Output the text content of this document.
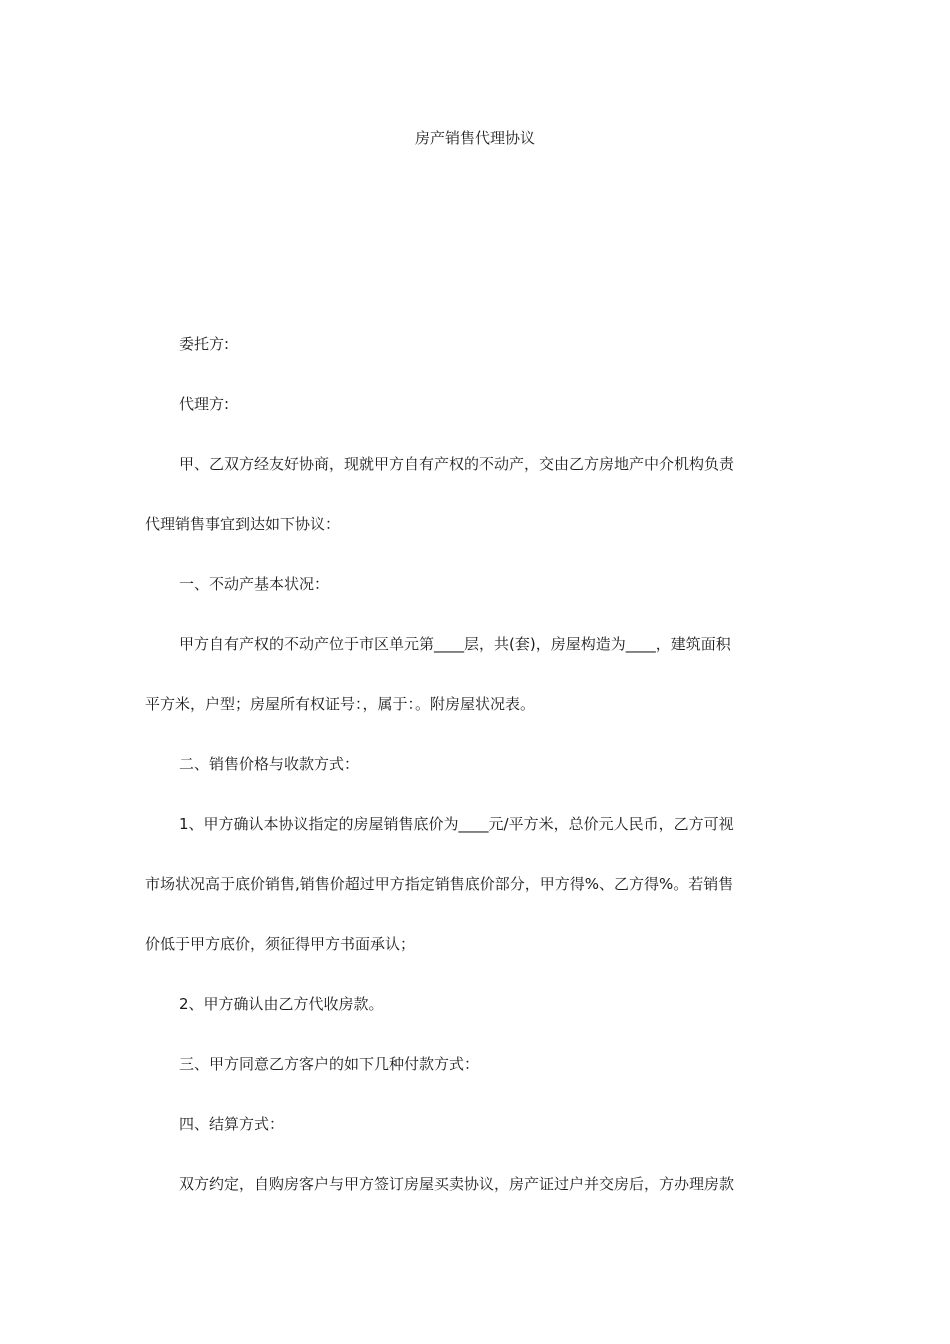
房产销售代理协议

委托方:

代理方:

甲、乙双方经友好协商，现就甲方自有产权的不动产，交由乙方房地产中介机构负责
代理销售事宜到达如下协议：

一、不动产基本状况：

甲方自有产权的不动产位于市区单元第____层，共(套)，房屋构造为____，建筑面积
平方米，户型；房屋所有权证号：，属于：。附房屋状况表。

二、销售价格与收款方式：

1、甲方确认本协议指定的房屋销售底价为____元/平方米，总价元人民币，乙方可视
市场状况高于底价销售,销售价超过甲方指定销售底价部分，甲方得%、乙方得%。若销售
价低于甲方底价，须征得甲方书面承认；

2、甲方确认由乙方代收房款。

三、甲方同意乙方客户的如下几种付款方式：

四、结算方式：

双方约定，自购房客户与甲方签订房屋买卖协议，房产证过户并交房后，方办理房款
